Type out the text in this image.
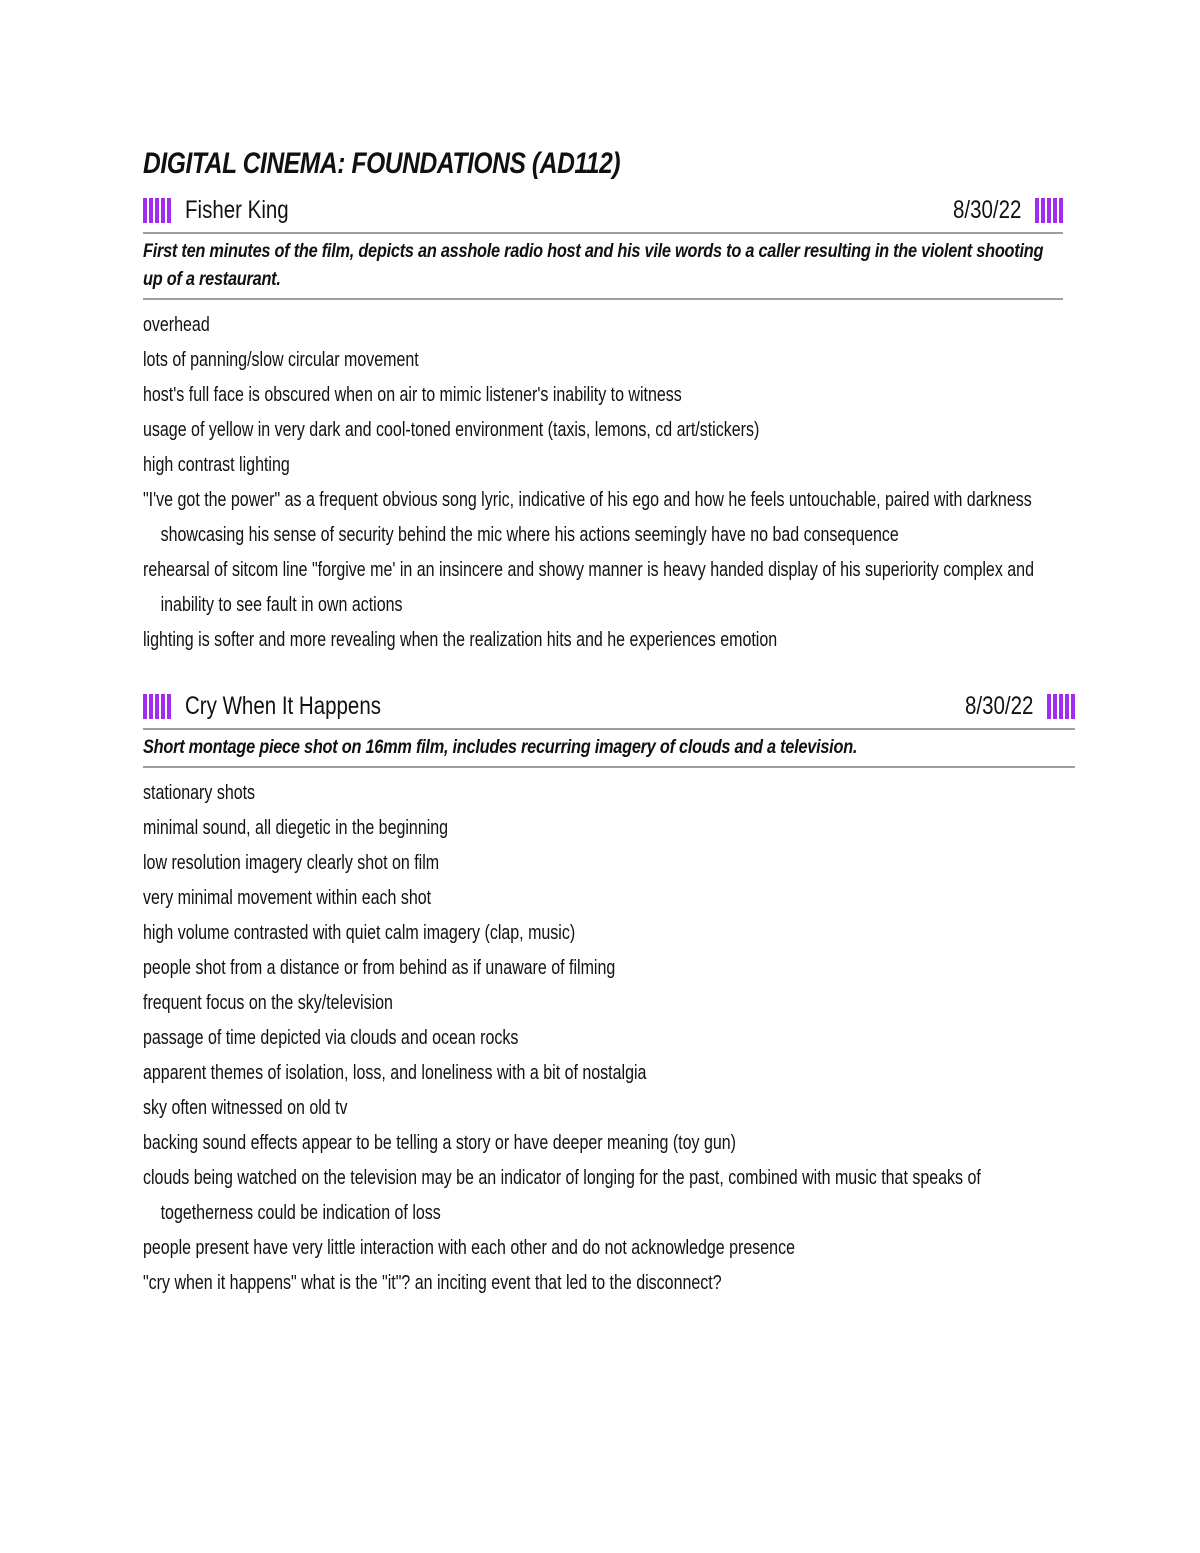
DIGITAL CINEMA: FOUNDATIONS (AD112)
Fisher King	8/30/22
First ten minutes of the film, depicts an asshole radio host and his vile words to a caller resulting in the violent shooting up of a restaurant.
overhead
lots of panning/slow circular movement
host's full face is obscured when on air to mimic listener's inability to witness
usage of yellow in very dark and cool-toned environment (taxis, lemons, cd art/stickers)
high contrast lighting
"I've got the power" as a frequent obvious song lyric, indicative of his ego and how he feels untouchable, paired with darkness showcasing his sense of security behind the mic where his actions seemingly have no bad consequence
rehearsal of sitcom line "forgive me' in an insincere and showy manner is heavy handed display of his superiority complex and inability to see fault in own actions
lighting is softer and more revealing when the realization hits and he experiences emotion
Cry When It Happens	8/30/22
Short montage piece shot on 16mm film, includes recurring imagery of clouds and a television.
stationary shots
minimal sound, all diegetic in the beginning
low resolution imagery clearly shot on film
very minimal movement within each shot
high volume contrasted with quiet calm imagery (clap, music)
people shot from a distance or from behind as if unaware of filming
frequent focus on the sky/television
passage of time depicted via clouds and ocean rocks
apparent themes of isolation, loss, and loneliness with a bit of nostalgia
sky often witnessed on old tv
backing sound effects appear to be telling a story or have deeper meaning (toy gun)
clouds being watched on the television may be an indicator of longing for the past, combined with music that speaks of togetherness could be indication of loss
people present have very little interaction with each other and do not acknowledge presence
"cry when it happens" what is the "it"? an inciting event that led to the disconnect?
